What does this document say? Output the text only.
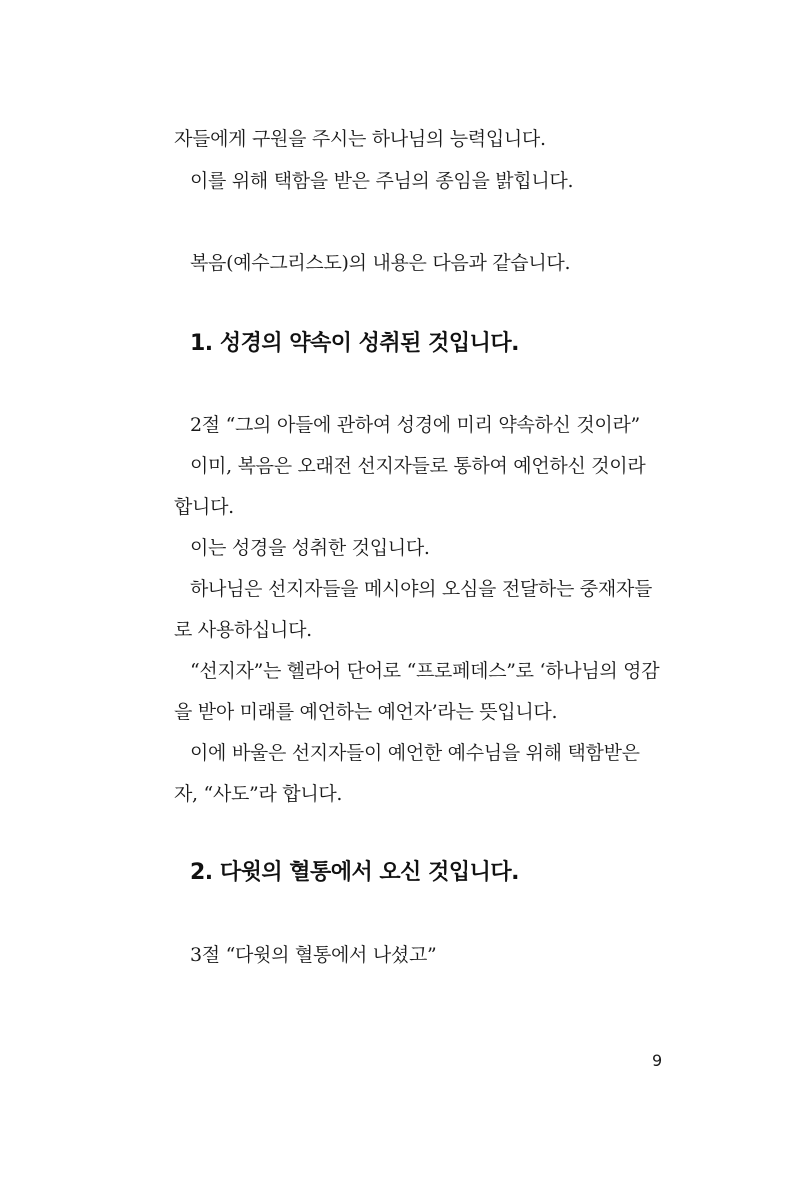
자들에게 구원을 주시는 하나님의 능력입니다.
이를 위해 택함을 받은 주님의 종임을 밝힙니다.
복음(예수그리스도)의 내용은 다음과 같습니다.
1. 성경의 약속이 성취된 것입니다.
2절 “그의 아들에 관하여 성경에 미리 약속하신 것이라”
이미, 복음은 오래전 선지자들로 통하여 예언하신 것이라
합니다.
이는 성경을 성취한 것입니다.
하나님은 선지자들을 메시야의 오심을 전달하는 중재자들
로 사용하십니다.
“선지자”는 헬라어 단어로 “프로페데스”로 ‘하나님의 영감
을 받아 미래를 예언하는 예언자’라는 뜻입니다.
이에 바울은 선지자들이 예언한 예수님을 위해 택함받은
자, “사도”라 합니다.
2. 다윗의 혈통에서 오신 것입니다.
3절 “다윗의 혈통에서 나셨고”
9
